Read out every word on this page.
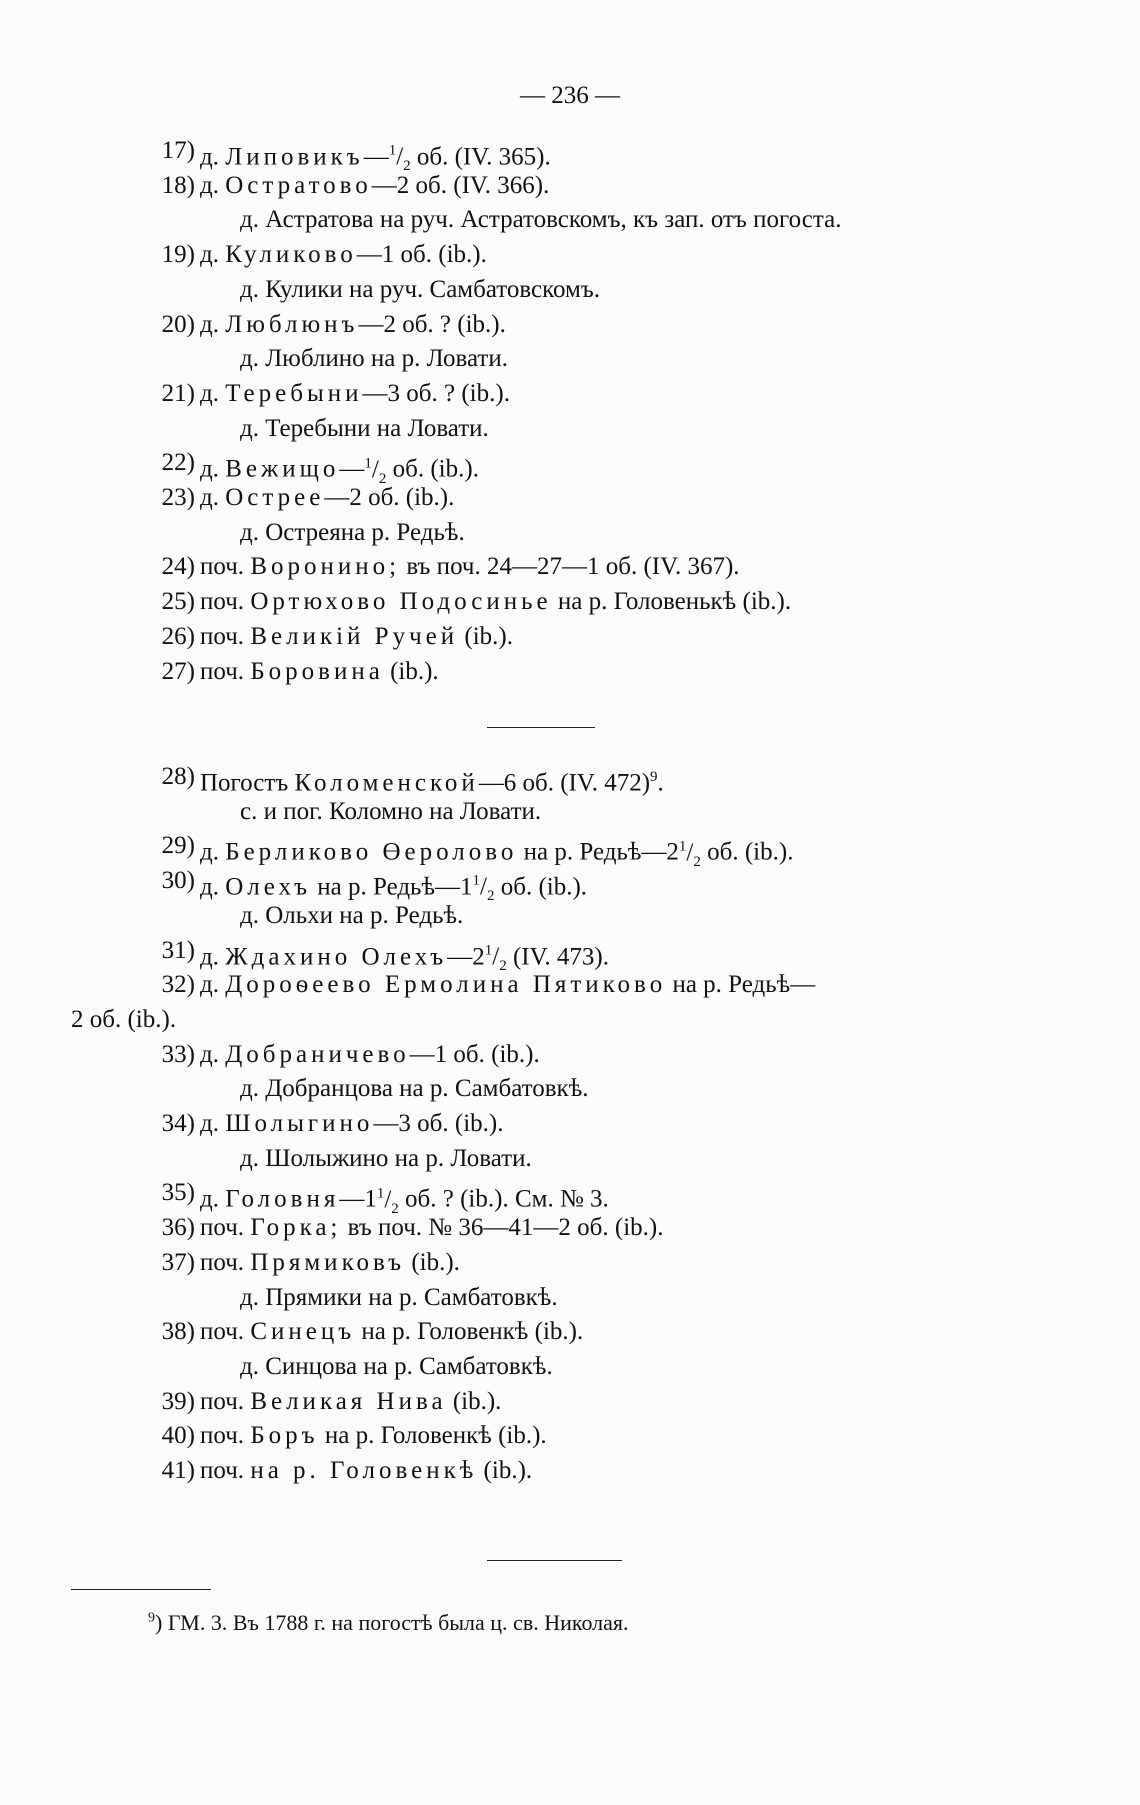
— 236 —
17) д. $Липовикъ—^1/_2$ об. (IV. 365).
18) д. Остратово—2 об. (IV. 366).
д. Астратова на руч. Астратовскомъ, къ зап. отъ погоста.
19) д. Куликово—1 об. (ib.).
д. Кулики на руч. Самбатовскомъ.
20) д. Люблюнъ—2 об. ? (ib.).
д. Люблино на р. Ловати.
21) д. Теребыни—3 об. ? (ib.).
д. Теребыни на Ловати.
22) д. $Вежищо—^1/_2$ об. (ib.).
23) д. Острее—2 об. (ib.).
д. Остреяна р. Редьѣ.
24) поч. Воронино; въ поч. 24—27—1 об. (IV. 367).
25) поч. Ортюхово Подосинье на р. Головенькѣ (ib.).
26) поч. Великій Ручей (ib.).
27) поч. Боровина (ib.).
28) Погостъ Коломенской—6 об. (IV. 472)$^9$.
с. и пог. Коломно на Ловати.
29) д. Берликово Өеролово на р. $Редьѣ—2^1/_2$ об. (ib.).
30) д. Олехъ на р. $Редьѣ—1^1/_2$ об. (ib.).
д. Ольхи на р. Редьѣ.
31) д. Ждахино $Олехъ—2^1/_2$ (IV. 473).
32) д. Дороѳеево Ермолина Пятиково на р. Редьѣ—
2 об. (ib.).
33) д. Добраничево—1 об. (ib.).
д. Добранцова на р. Самбатовкѣ.
34) д. Шолыгино—3 об. (ib.).
д. Шолыжино на р. Ловати.
35) д. $Головня—1^1/_2$ об. ? (ib.). См. № 3.
36) поч. Горка; въ поч. № 36—41—2 об. (ib.).
37) поч. Прямиковъ (ib.).
д. Прямики на р. Самбатовкѣ.
38) поч. Синецъ на р. Головенкѣ (ib.).
д. Синцова на р. Самбатовкѣ.
39) поч. Великая Нива (ib.).
40) поч. Боръ на р. Головенкѣ (ib.).
41) поч. на р. Головенкѣ (ib.).
$^9$) ГМ. 3. Въ 1788 г. на погостѣ была ц. св. Николая.
